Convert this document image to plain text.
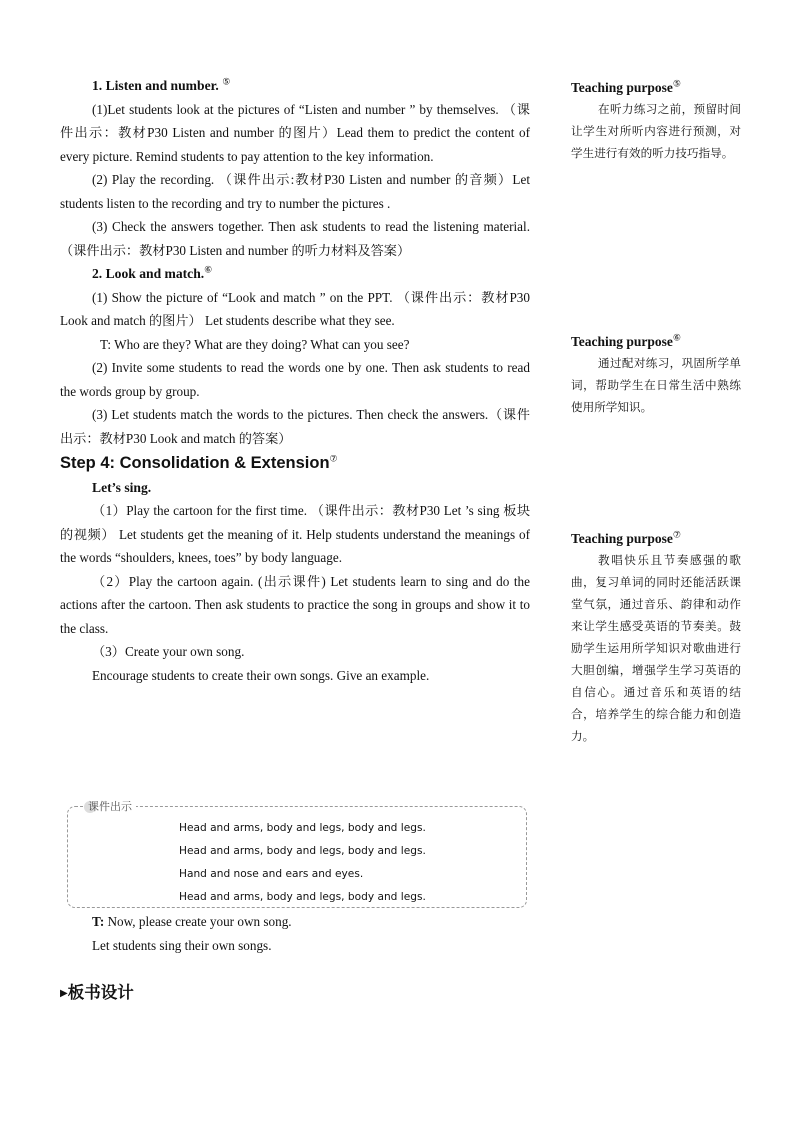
1. Listen and number. ⑤

(1)Let students look at the pictures of “Listen and number ” by themselves. （课件出示：教材P30 Listen and number 的图片）Lead them to predict the content of every picture. Remind students to pay attention to the key information.

(2) Play the recording. （课件出示:教材P30 Listen and number 的音频）Let students listen to the recording and try to number the pictures .

(3) Check the answers together. Then ask students to read the listening material. （课件出示：教材P30 Listen and number 的听力材料及答案）

2. Look and match.⑥

(1) Show the picture of “Look and match ” on the PPT. （课件出示：教材P30 Look and match 的图片） Let students describe what they see.

T: Who are they? What are they doing? What can you see?

(2) Invite some students to read the words one by one. Then ask students to read the words group by group.

(3) Let students match the words to the pictures. Then check the answers.（课件出示：教材P30 Look and match 的答案）

Step 4: Consolidation & Extension⑦

Let’s sing.

（1）Play the cartoon for the first time. （课件出示：教材P30 Let ’s sing 板块的视频） Let students get the meaning of it. Help students understand the meanings of the words “shoulders, knees, toes” by body language.

（2）Play the cartoon again. (出示课件) Let students learn to sing and do the actions after the cartoon. Then ask students to practice the song in groups and show it to the class.

（3）Create your own song.

Encourage students to create their own songs. Give an example.

课件出示
Head and arms, body and legs, body and legs.
Head and arms, body and legs, body and legs.
Hand and nose and ears and eyes.
Head and arms, body and legs, body and legs.

T: Now, please create your own song.

Let students sing their own songs.

▶板书设计

Teaching purpose⑤

在听力练习之前，预留时间让学生对所听内容进行预测，对学生进行有效的听力技巧指导。

Teaching purpose⑥

通过配对练习，巩固所学单词，帮助学生在日常生活中熟练使用所学知识。

Teaching purpose⑦

教唱快乐且节奏感强的歌曲，复习单词的同时还能活跃课堂气氛，通过音乐、韵律和动作来让学生感受英语的节奏美。鼓励学生运用所学知识对歌曲进行大胆创编，增强学生学习英语的自信心。通过音乐和英语的结合，培养学生的综合能力和创造力。
